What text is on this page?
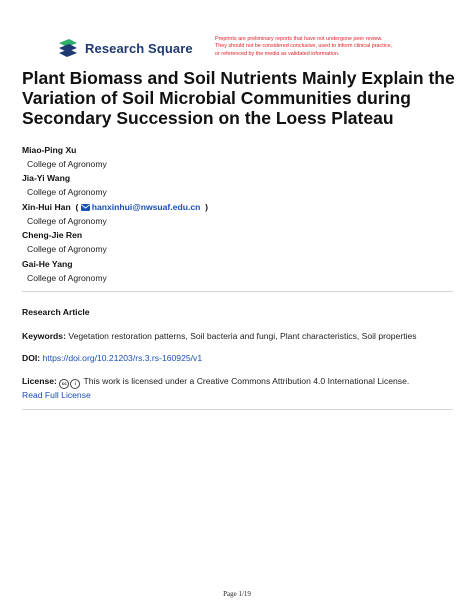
Research Square
Preprints are preliminary reports that have not undergone peer review.
They should not be considered conclusive, used to inform clinical practice,
or referenced by the media as validated information.
Plant Biomass and Soil Nutrients Mainly Explain the Variation of Soil Microbial Communities during Secondary Succession on the Loess Plateau
Miao-Ping Xu
College of Agronomy
Jia-Yi Wang
College of Agronomy
Xin-Hui Han  ( hanxinhui@nwsuaf.edu.cn  )
College of Agronomy
Cheng-Jie Ren
College of Agronomy
Gai-He Yang
College of Agronomy
Research Article
Keywords: Vegetation restoration patterns, Soil bacteria and fungi, Plant characteristics, Soil properties
DOI: https://doi.org/10.21203/rs.3.rs-160925/v1
License: cc i This work is licensed under a Creative Commons Attribution 4.0 International License.
Read Full License
Page 1/19
